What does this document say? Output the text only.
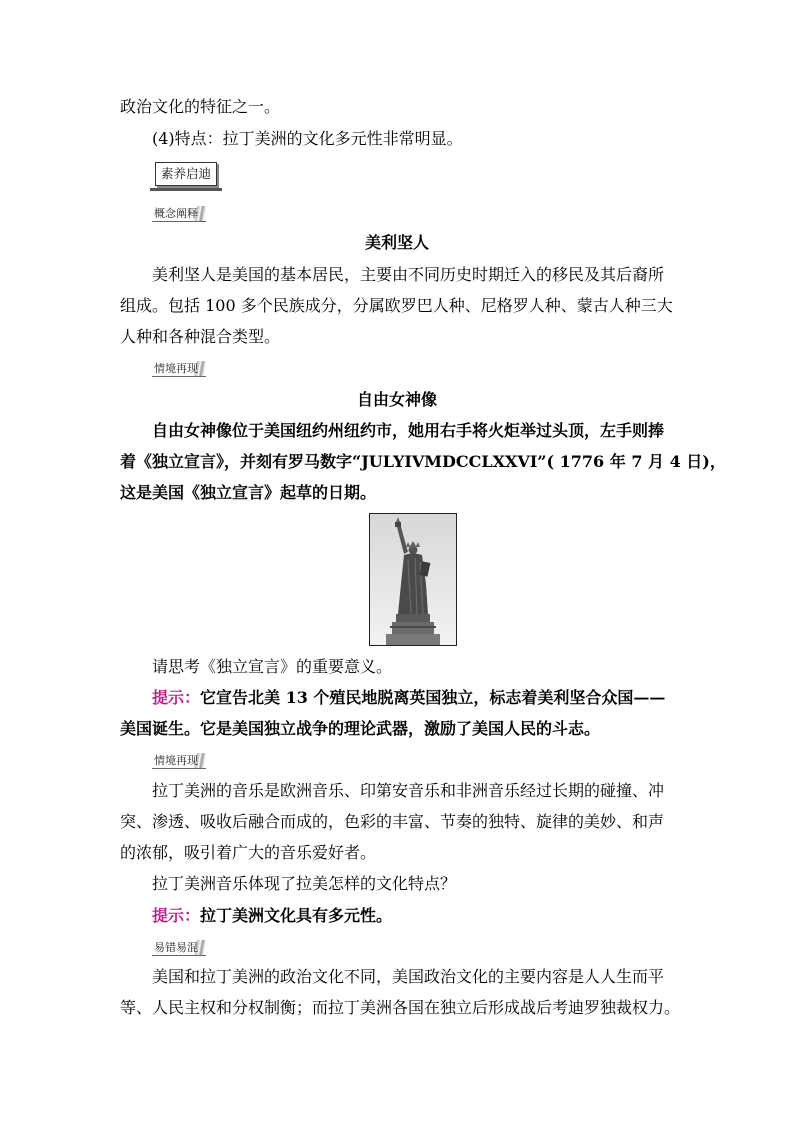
政治文化的特征之一。
(4)特点：拉丁美洲的文化多元性非常明显。
素养启迪
概念阐释
美利坚人
美利坚人是美国的基本居民，主要由不同历史时期迁入的移民及其后裔所
组成。包括 100 多个民族成分，分属欧罗巴人种、尼格罗人种、蒙古人种三大
人种和各种混合类型。
情境再现
自由女神像
自由女神像位于美国纽约州纽约市，她用右手将火炬举过头顶，左手则捧
着《独立宣言》，并刻有罗马数字“JULYIVMDCCLXXVI”( 1776 年 7 月 4 日)，
这是美国《独立宣言》起草的日期。
请思考《独立宣言》的重要意义。
提示：它宣告北美 13 个殖民地脱离英国独立，标志着美利坚合众国——
美国诞生。它是美国独立战争的理论武器，激励了美国人民的斗志。
情境再现
拉丁美洲的音乐是欧洲音乐、印第安音乐和非洲音乐经过长期的碰撞、冲
突、渗透、吸收后融合而成的，色彩的丰富、节奏的独特、旋律的美妙、和声
的浓郁，吸引着广大的音乐爱好者。
拉丁美洲音乐体现了拉美怎样的文化特点？
提示：拉丁美洲文化具有多元性。
易错易混
美国和拉丁美洲的政治文化不同，美国政治文化的主要内容是人人生而平
等、人民主权和分权制衡；而拉丁美洲各国在独立后形成战后考迪罗独裁权力。
